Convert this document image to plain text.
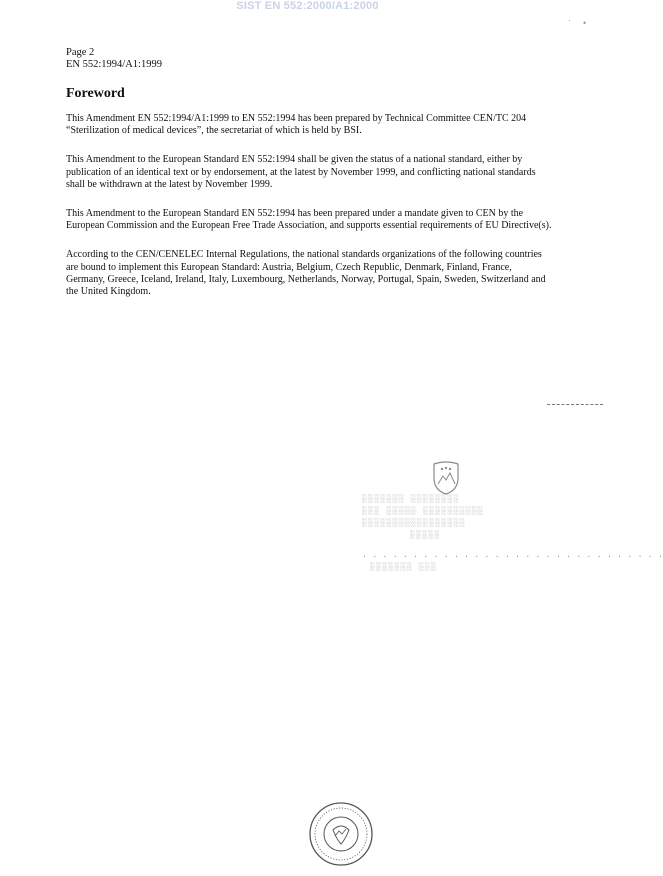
SIST EN 552:2000/A1:2000
· •
Page 2
EN 552:1994/A1:1999
Foreword

This Amendment EN 552:1994/A1:1999 to EN 552:1994 has been prepared by Technical Committee CEN/TC 204 “Sterilization of medical devices”, the secretariat of which is held by BSI.

This Amendment to the European Standard EN 552:1994 shall be given the status of a national standard, either by publication of an identical text or by endorsement, at the latest by November 1999, and conflicting national standards shall be withdrawn at the latest by November 1999.

This Amendment to the European Standard EN 552:1994 has been prepared under a mandate given to CEN by the European Commission and the European Free Trade Association, and supports essential requirements of EU Directive(s).

According to the CEN/CENELEC Internal Regulations, the national standards organizations of the following countries are bound to implement this European Standard: Austria, Belgium, Czech Republic, Denmark, Finland, France, Germany, Greece, Iceland, Ireland, Italy, Luxembourg, Netherlands, Norway, Portugal, Spain, Sweden, Switzerland and the United Kingdom.

░░░░░░░ ░░░░░░░░
░░░ ░░░░░ ░░░░░░░░░░
░░░░░░░░░░░░░░░░░
░░░░░
. . . . . . . . . . . . . . . . . . . . . . . . . . . . . .
░░░░░░░ ░░░
